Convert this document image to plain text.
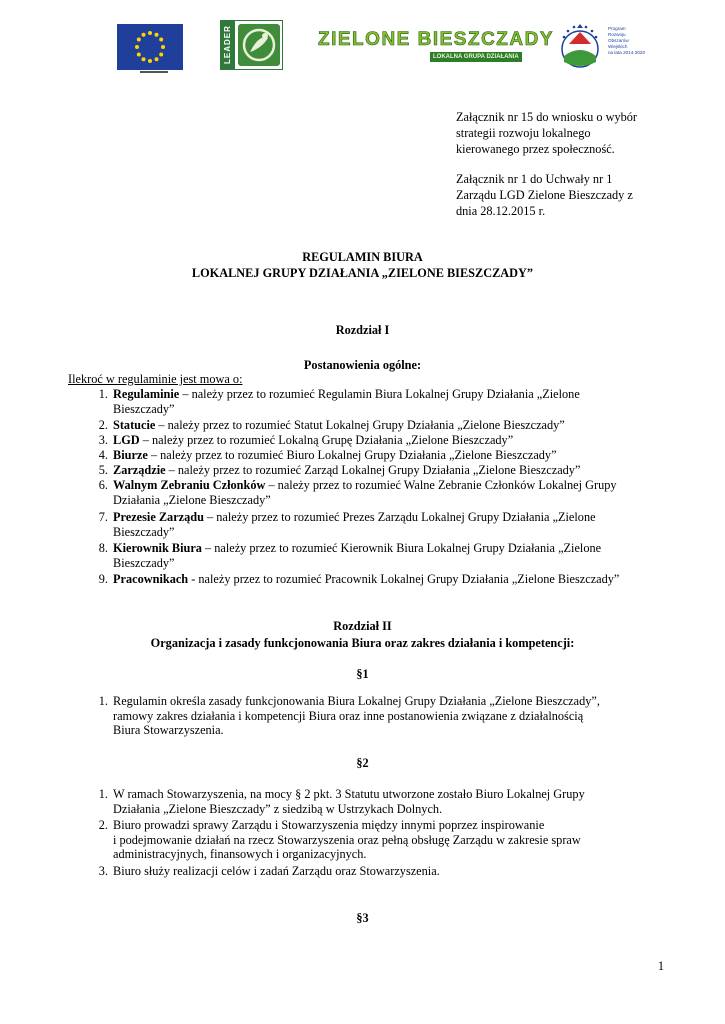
LEADER	ZIELONE BIESZCZADY
LOKALNA GRUPA DZIAŁANIA
Program
Rozwoju
Obszarów
Wiejskich
na lata 2014-2020
Załącznik nr 15 do wniosku o wybór
strategii rozwoju lokalnego
kierowanego przez społeczność.
Załącznik nr 1 do Uchwały nr 1
Zarządu LGD Zielone Bieszczady z
dnia 28.12.2015 r.
REGULAMIN BIURA
LOKALNEJ GRUPY DZIAŁANIA „ZIELONE BIESZCZADY”
Rozdział I
Postanowienia ogólne:
Ilekroć w regulaminie jest mowa o:
1. Regulaminie – należy przez to rozumieć Regulamin Biura Lokalnej Grupy Działania „Zielone
Bieszczady”
2. Statucie – należy przez to rozumieć Statut Lokalnej Grupy Działania „Zielone Bieszczady”
3. LGD – należy przez to rozumieć Lokalną Grupę Działania „Zielone Bieszczady”
4. Biurze – należy przez to rozumieć Biuro Lokalnej Grupy Działania „Zielone Bieszczady”
5. Zarządzie – należy przez to rozumieć Zarząd Lokalnej Grupy Działania „Zielone Bieszczady”
6. Walnym Zebraniu Członków – należy przez to rozumieć Walne Zebranie Członków Lokalnej Grupy
Działania „Zielone Bieszczady”
7. Prezesie Zarządu – należy przez to rozumieć Prezes Zarządu Lokalnej Grupy Działania „Zielone
Bieszczady”
8. Kierownik Biura – należy przez to rozumieć Kierownik Biura Lokalnej Grupy Działania „Zielone
Bieszczady”
9. Pracownikach - należy przez to rozumieć Pracownik Lokalnej Grupy Działania „Zielone Bieszczady”
Rozdział II
Organizacja i zasady funkcjonowania Biura oraz zakres działania i kompetencji:
§1
1. Regulamin określa zasady funkcjonowania Biura Lokalnej Grupy Działania „Zielone Bieszczady”,
ramowy zakres działania i kompetencji Biura oraz inne postanowienia związane z działalnością
Biura Stowarzyszenia.
§2
1. W ramach Stowarzyszenia, na mocy § 2 pkt. 3 Statutu utworzone zostało Biuro Lokalnej Grupy
Działania „Zielone Bieszczady” z siedzibą w Ustrzykach Dolnych.
2. Biuro prowadzi sprawy Zarządu i Stowarzyszenia między innymi poprzez inspirowanie
i podejmowanie działań na rzecz Stowarzyszenia oraz pełną obsługę Zarządu w zakresie spraw
administracyjnych, finansowych i organizacyjnych.
3. Biuro służy realizacji celów i zadań Zarządu oraz Stowarzyszenia.
§3
1
